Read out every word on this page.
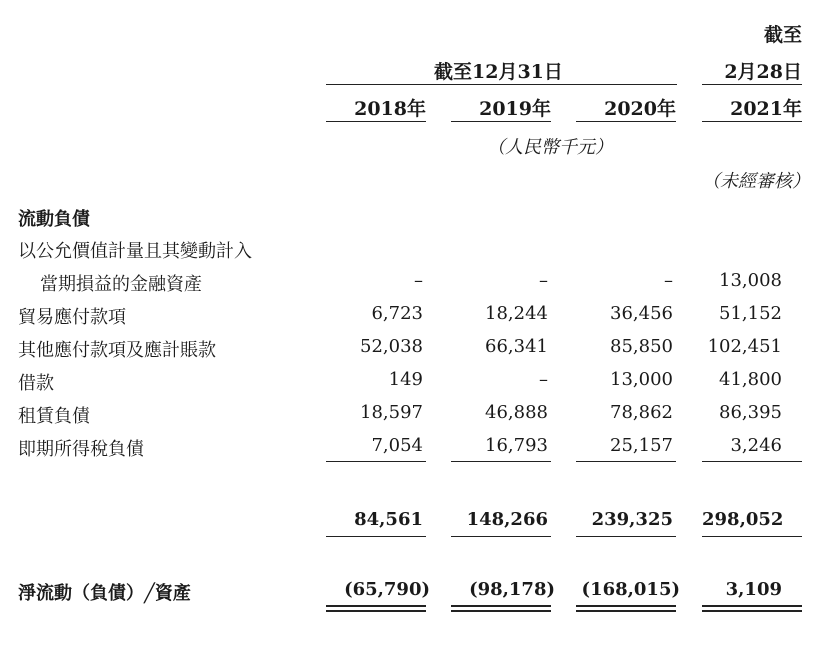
截至
截至12月31日	2月28日
2018年	2019年	2020年	2021年
（人民幣千元）
（未經審核）
流動負債
以公允價值計量且其變動計入
當期損益的金融資產	–	–	–	13,008
貿易應付款項	6,723	18,244	36,456	51,152
其他應付款項及應計賬款	52,038	66,341	85,850	102,451
借款	149	–	13,000	41,800
租賃負債	18,597	46,888	78,862	86,395
即期所得稅負債	7,054	16,793	25,157	3,246
84,561	148,266	239,325 298,052
淨流動（負債）╱資產	(65,790)	(98,178)	(168,015)	3,109
